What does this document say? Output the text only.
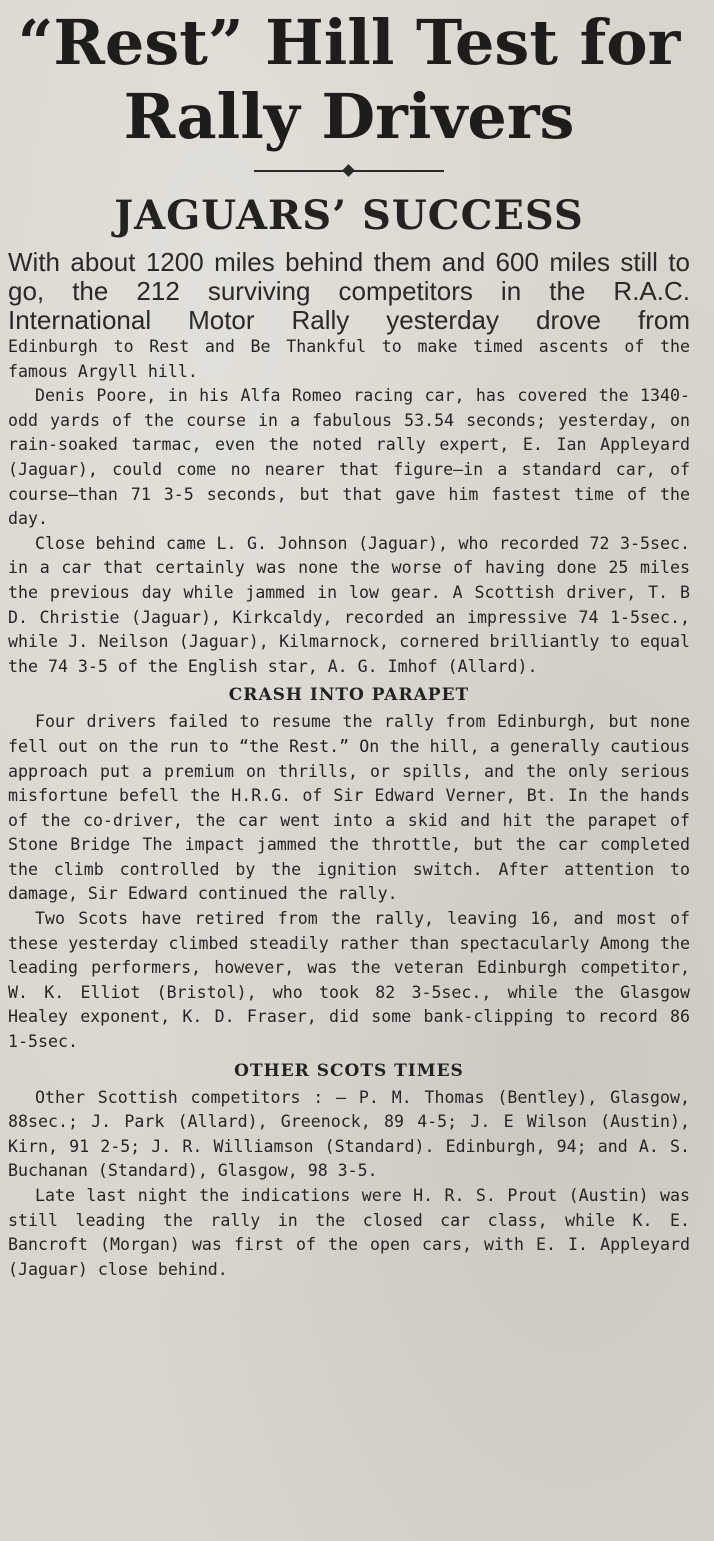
“Rest” Hill Test for
Rally Drivers
JAGUARS’ SUCCESS

With about 1200 miles behind them and 600 miles still to go, the 212 surviving competitors in the R.A.C. International Motor Rally yesterday drove from

Edinburgh to Rest and Be Thankful to make timed ascents of the famous Argyll hill.

Denis Poore, in his Alfa Romeo racing car, has covered the 1340-odd yards of the course in a fabulous 53.54 seconds; yesterday, on rain-soaked tarmac, even the noted rally expert, E. Ian Appleyard (Jaguar), could come no nearer that figure—in a standard car, of course—than 71 3-5 seconds, but that gave him fastest time of the day.

Close behind came L. G. Johnson (Jaguar), who recorded 72 3-5sec. in a car that certainly was none the worse of having done 25 miles the previous day while jammed in low gear. A Scottish driver, T. B D. Christie (Jaguar), Kirkcaldy, recorded an impressive 74 1-5sec., while J. Neilson (Jaguar), Kilmarnock, cornered brilliantly to equal the 74 3-5 of the English star, A. G. Imhof (Allard).

CRASH INTO PARAPET

Four drivers failed to resume the rally from Edinburgh, but none fell out on the run to “the Rest.” On the hill, a generally cautious approach put a premium on thrills, or spills, and the only serious misfortune befell the H.R.G. of Sir Edward Verner, Bt. In the hands of the co-driver, the car went into a skid and hit the parapet of Stone Bridge The impact jammed the throttle, but the car completed the climb controlled by the ignition switch. After attention to damage, Sir Edward continued the rally.

Two Scots have retired from the rally, leaving 16, and most of these yesterday climbed steadily rather than spectacularly Among the leading performers, however, was the veteran Edinburgh competitor, W. K. Elliot (Bristol), who took 82 3-5sec., while the Glasgow Healey exponent, K. D. Fraser, did some bank-clipping to record 86 1-5sec.

OTHER SCOTS TIMES

Other Scottish competitors : — P. M. Thomas (Bentley), Glasgow, 88sec.; J. Park (Allard), Greenock, 89 4-5; J. E Wilson (Austin), Kirn, 91 2-5; J. R. Williamson (Standard). Edinburgh, 94; and A. S. Buchanan (Standard), Glasgow, 98 3-5.

Late last night the indications were H. R. S. Prout (Austin) was still leading the rally in the closed car class, while K. E. Bancroft (Morgan) was first of the open cars, with E. I. Appleyard (Jaguar) close behind.
